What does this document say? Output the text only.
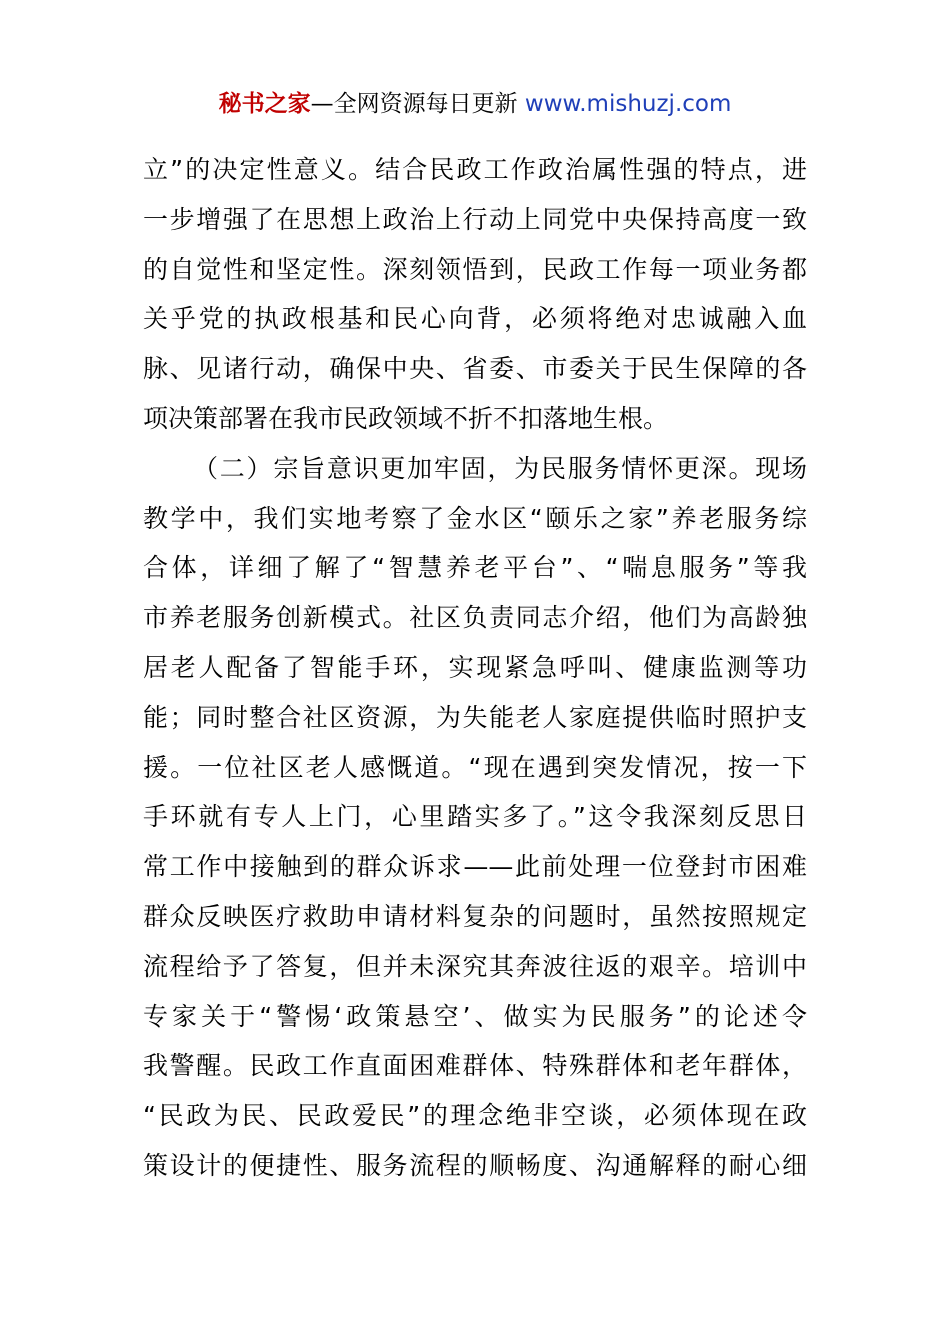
秘书之家—全网资源每日更新 www.mishuzj.com
立”的决定性意义。结合民政工作政治属性强的特点，进
一步增强了在思想上政治上行动上同党中央保持高度一致
的自觉性和坚定性。深刻领悟到，民政工作每一项业务都
关乎党的执政根基和民心向背，必须将绝对忠诚融入血
脉、见诸行动，确保中央、省委、市委关于民生保障的各
项决策部署在我市民政领域不折不扣落地生根。
（二）宗旨意识更加牢固，为民服务情怀更深。现场
教学中，我们实地考察了金水区“颐乐之家”养老服务综
合体，详细了解了“智慧养老平台”、“喘息服务”等我
市养老服务创新模式。社区负责同志介绍，他们为高龄独
居老人配备了智能手环，实现紧急呼叫、健康监测等功
能；同时整合社区资源，为失能老人家庭提供临时照护支
援。一位社区老人感慨道。“现在遇到突发情况，按一下
手环就有专人上门，心里踏实多了。”这令我深刻反思日
常工作中接触到的群众诉求——此前处理一位登封市困难
群众反映医疗救助申请材料复杂的问题时，虽然按照规定
流程给予了答复，但并未深究其奔波往返的艰辛。培训中
专家关于“警惕‘政策悬空’、做实为民服务”的论述令
我警醒。民政工作直面困难群体、特殊群体和老年群体，
“民政为民、民政爱民”的理念绝非空谈，必须体现在政
策设计的便捷性、服务流程的顺畅度、沟通解释的耐心细
